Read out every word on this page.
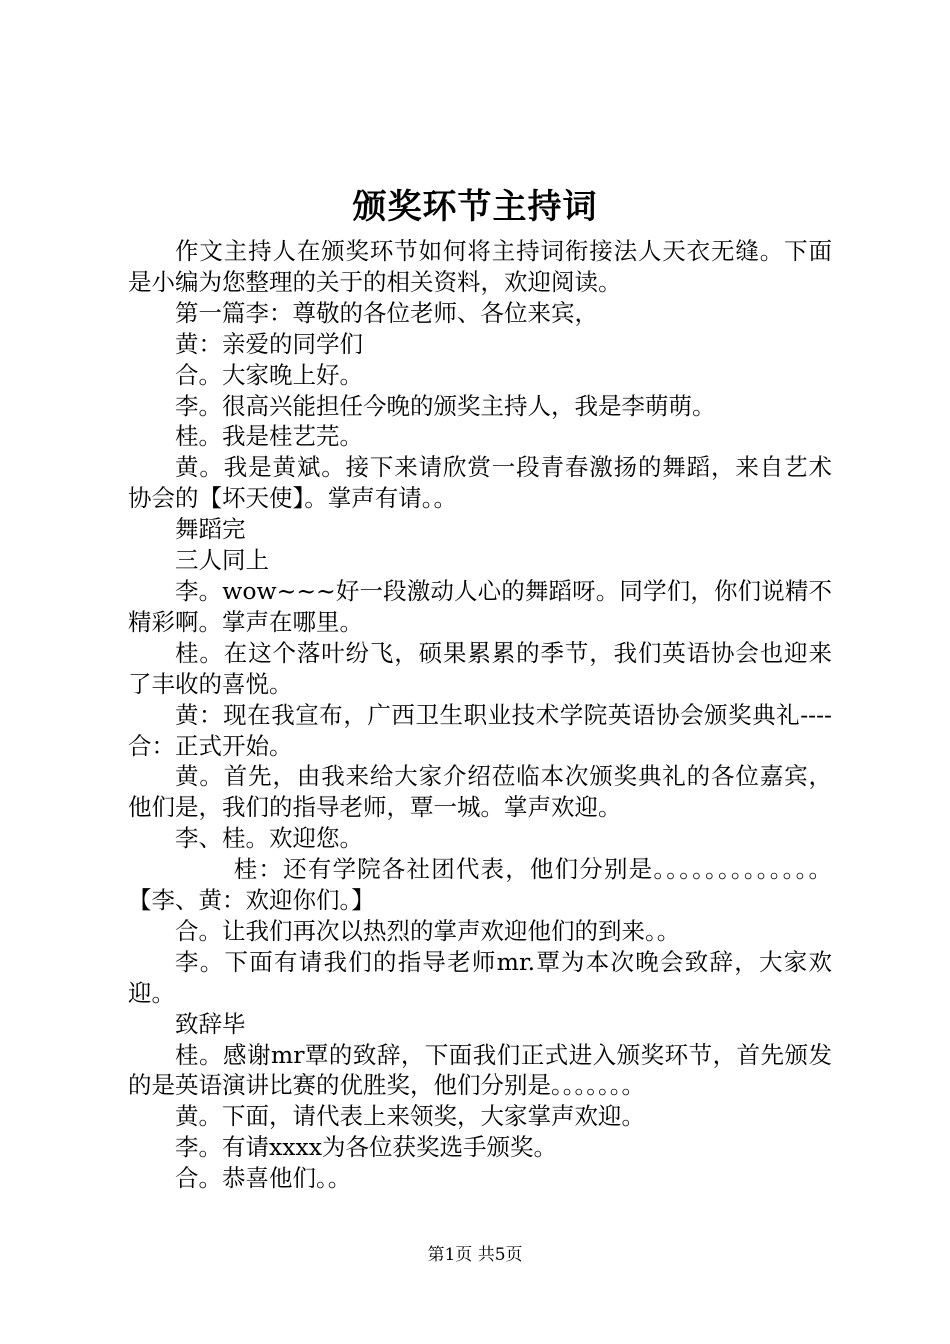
颁奖环节主持词

作文主持人在颁奖环节如何将主持词衔接法人天衣无缝。下面是小编为您整理的关于的相关资料，欢迎阅读。

第一篇李：尊敬的各位老师、各位来宾，

黄：亲爱的同学们

合。大家晚上好。

李。很高兴能担任今晚的颁奖主持人，我是李萌萌。

桂。我是桂艺芫。

黄。我是黄斌。接下来请欣赏一段青春激扬的舞蹈，来自艺术协会的【坏天使】。掌声有请。。

舞蹈完

三人同上

李。wow~~~好一段激动人心的舞蹈呀。同学们，你们说精不精彩啊。掌声在哪里。

桂。在这个落叶纷飞，硕果累累的季节，我们英语协会也迎来了丰收的喜悦。

黄：现在我宣布，广西卫生职业技术学院英语协会颁奖典礼----合：正式开始。

黄。首先，由我来给大家介绍莅临本次颁奖典礼的各位嘉宾，他们是，我们的指导老师，覃一城。掌声欢迎。

李、桂。欢迎您。

桂：还有学院各社团代表，他们分别是。。。。。。。。。。。。。【李、黄：欢迎你们。】

合。让我们再次以热烈的掌声欢迎他们的到来。。

李。下面有请我们的指导老师mr.覃为本次晚会致辞，大家欢迎。

致辞毕

桂。感谢mr覃的致辞，下面我们正式进入颁奖环节，首先颁发的是英语演讲比赛的优胜奖，他们分别是。。。。。。。

黄。下面，请代表上来领奖，大家掌声欢迎。

李。有请xxxx为各位获奖选手颁奖。

合。恭喜他们。。

第1页 共5页
